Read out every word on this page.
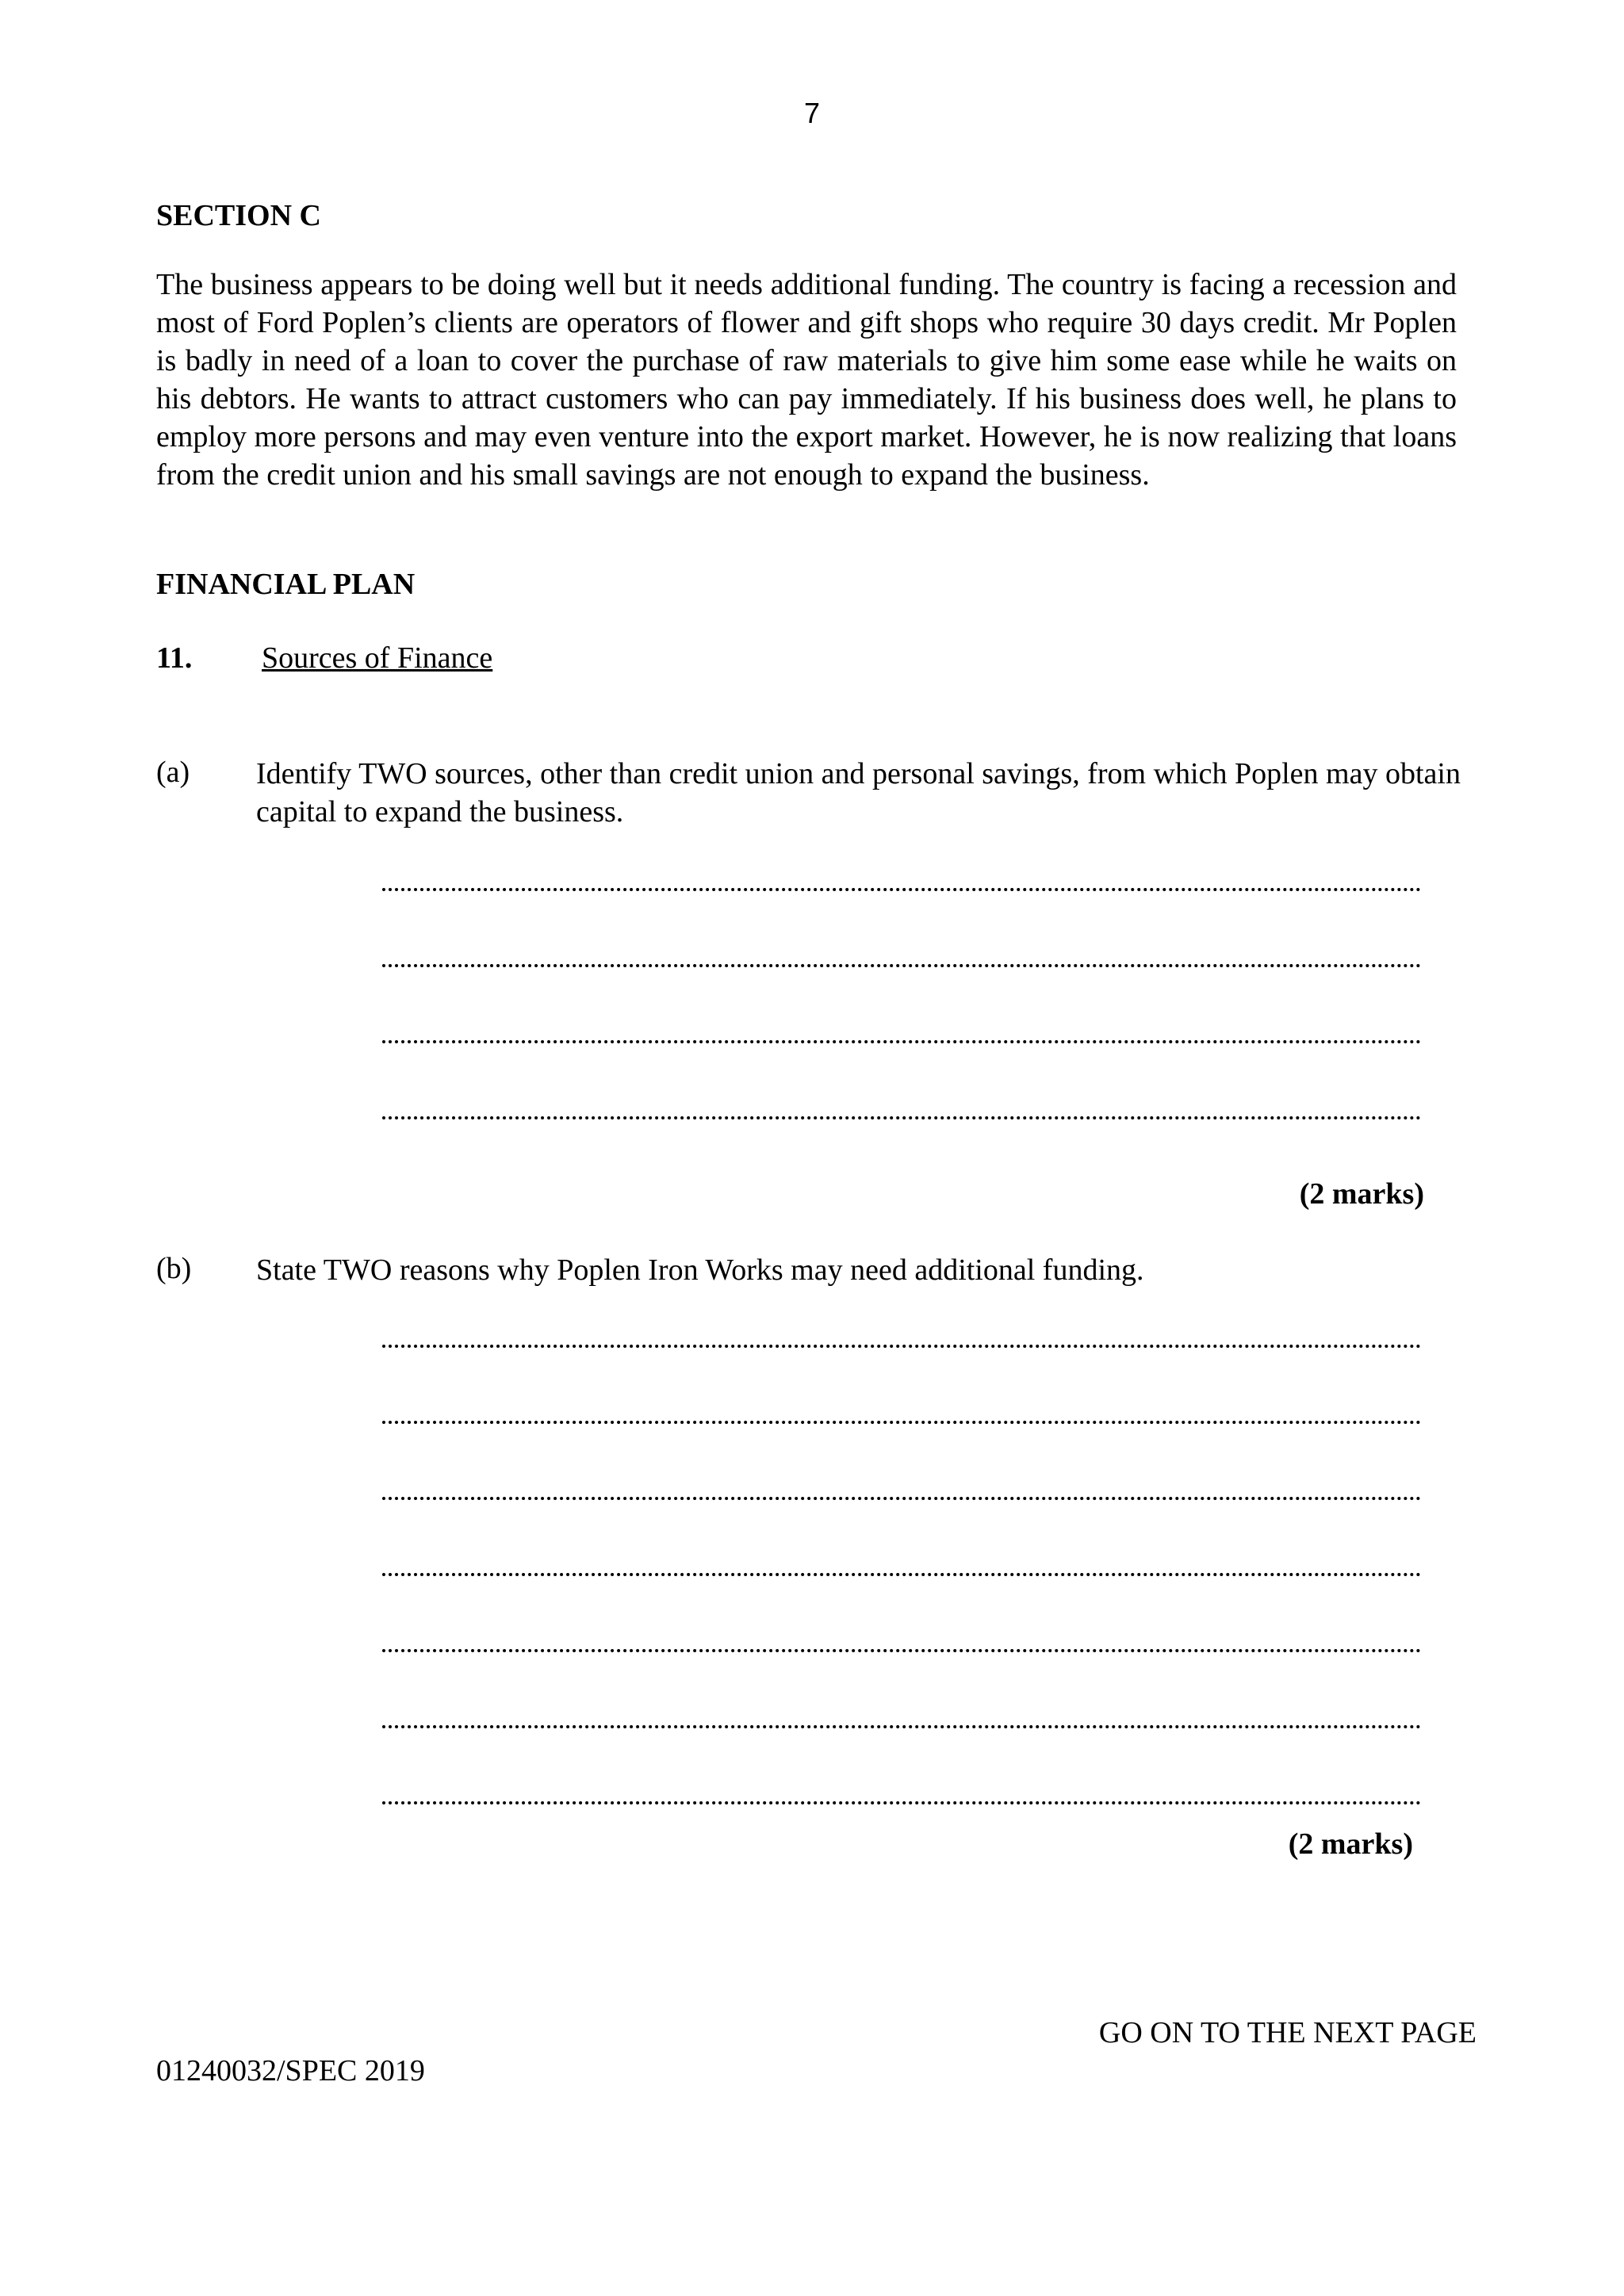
7
SECTION C
The business appears to be doing well but it needs additional funding. The country is facing a recession and most of Ford Poplen’s clients are operators of flower and gift shops who require 30 days credit. Mr Poplen is badly in need of a loan to cover the purchase of raw materials to give him some ease while he waits on his debtors. He wants to attract customers who can pay immediately. If his business does well, he plans to employ more persons and may even venture into the export market. However, he is now realizing that loans from the credit union and his small savings are not enough to expand the business.
FINANCIAL PLAN
11. Sources of Finance
(a) Identify TWO sources, other than credit union and personal savings, from which Poplen may obtain capital to expand the business.
(2 marks)
(b) State TWO reasons why Poplen Iron Works may need additional funding.
(2 marks)
GO ON TO THE NEXT PAGE
01240032/SPEC 2019
